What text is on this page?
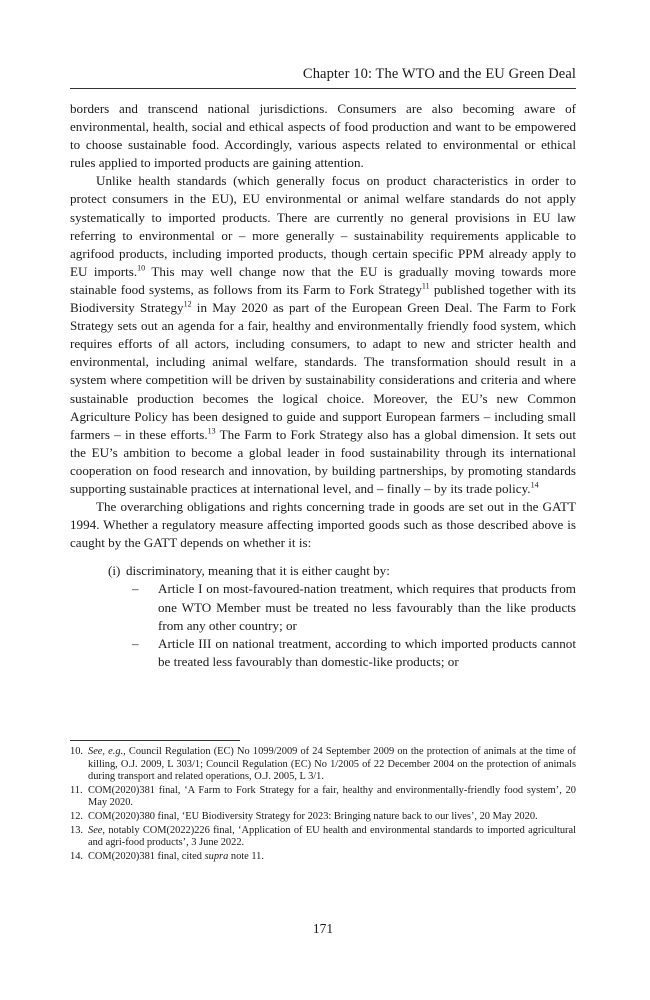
Chapter 10: The WTO and the EU Green Deal

borders and transcend national jurisdictions. Consumers are also becoming aware of environmental, health, social and ethical aspects of food production and want to be empowered to choose sustainable food. Accordingly, various aspects related to environmental or ethical rules applied to imported products are gaining attention.

Unlike health standards (which generally focus on product characteristics in order to protect consumers in the EU), EU environmental or animal welfare standards do not apply systematically to imported products. There are currently no general provisions in EU law referring to environmental or – more generally – sustainability requirements applicable to agrifood products, including imported products, though certain specific PPM already apply to EU imports.$^{10}$ This may well change now that the EU is gradually moving towards more stainable food systems, as follows from its Farm to Fork Strategy$^{11}$ published together with its Biodiversity Strategy$^{12}$ in May 2020 as part of the European Green Deal. The Farm to Fork Strategy sets out an agenda for a fair, healthy and environmentally friendly food system, which requires efforts of all actors, including consumers, to adapt to new and stricter health and environmental, including animal welfare, standards. The transformation should result in a system where competition will be driven by sustainability considerations and criteria and where sustainable production becomes the logical choice. Moreover, the EU’s new Common Agriculture Policy has been designed to guide and support European farmers – including small farmers – in these efforts.$^{13}$ The Farm to Fork Strategy also has a global dimension. It sets out the EU’s ambition to become a global leader in food sustainability through its international cooperation on food research and innovation, by building partnerships, by promoting standards supporting sustainable practices at international level, and – finally – by its trade policy.$^{14}$

The overarching obligations and rights concerning trade in goods are set out in the GATT 1994. Whether a regulatory measure affecting imported goods such as those described above is caught by the GATT depends on whether it is:

(i) discriminatory, meaning that it is either caught by:
– Article I on most-favoured-nation treatment, which requires that products from one WTO Member must be treated no less favourably than the like products from any other country; or
– Article III on national treatment, according to which imported products cannot be treated less favourably than domestic-like products; or
10. See, e.g., Council Regulation (EC) No 1099/2009 of 24 September 2009 on the protection of animals at the time of killing, O.J. 2009, L 303/1; Council Regulation (EC) No 1/2005 of 22 December 2004 on the protection of animals during transport and related operations, O.J. 2005, L 3/1.
11. COM(2020)381 final, ‘A Farm to Fork Strategy for a fair, healthy and environmentally-friendly food system’, 20 May 2020.
12. COM(2020)380 final, ‘EU Biodiversity Strategy for 2023: Bringing nature back to our lives’, 20 May 2020.
13. See, notably COM(2022)226 final, ‘Application of EU health and environmental standards to imported agricultural and agri-food products’, 3 June 2022.
14. COM(2020)381 final, cited supra note 11.
171
